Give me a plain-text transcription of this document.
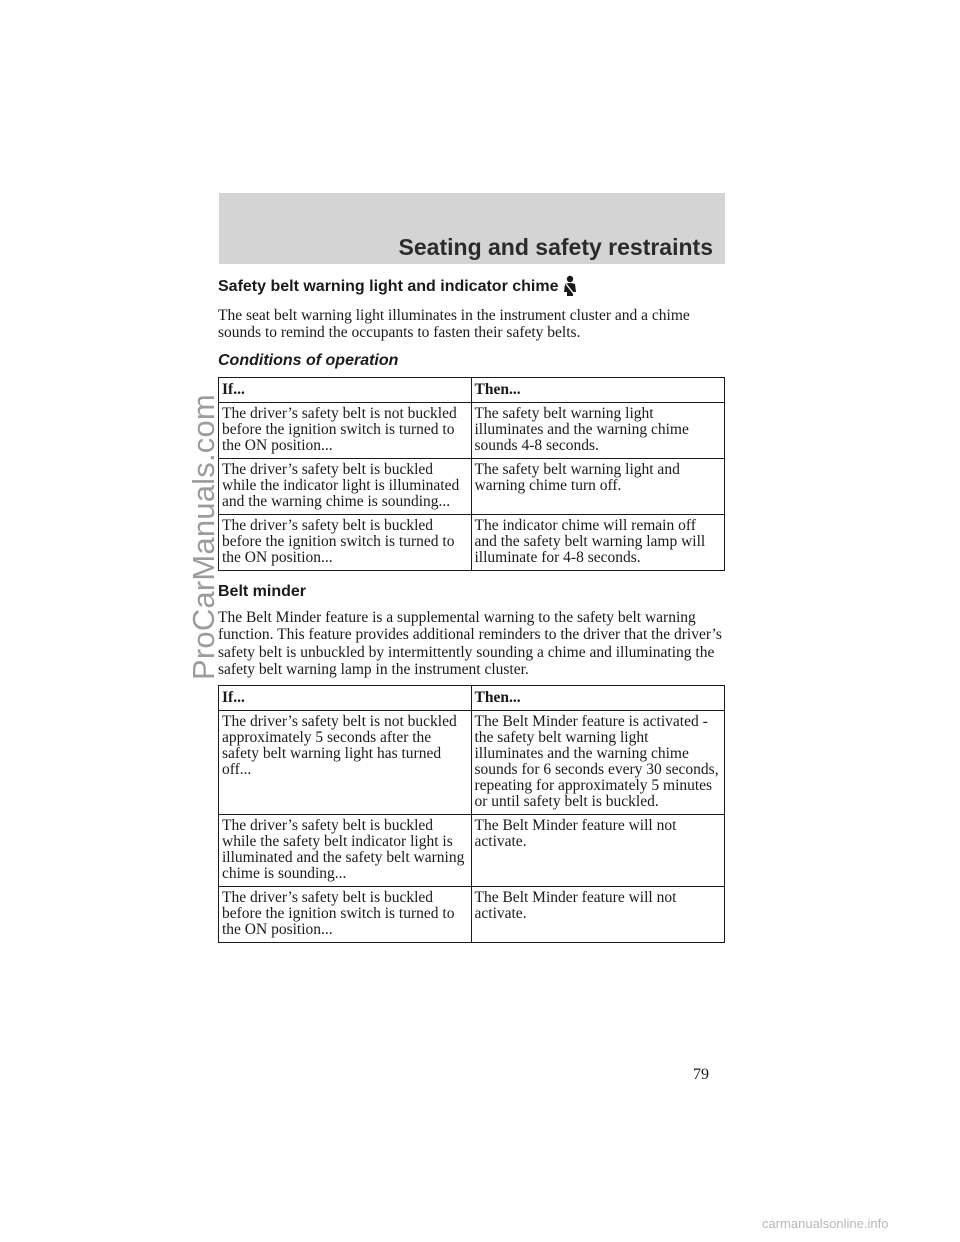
ProCarManuals.com
Seating and safety restraints
Safety belt warning light and indicator chime

The seat belt warning light illuminates in the instrument cluster and a chime sounds to remind the occupants to fasten their safety belts.

Conditions of operation
If...	Then...
The driver’s safety belt is not buckled before the ignition switch is turned to the ON position...	The safety belt warning light illuminates and the warning chime sounds 4-8 seconds.
The driver’s safety belt is buckled while the indicator light is illuminated and the warning chime is sounding...	The safety belt warning light and warning chime turn off.
The driver’s safety belt is buckled before the ignition switch is turned to the ON position...	The indicator chime will remain off and the safety belt warning lamp will illuminate for 4-8 seconds.
Belt minder

The Belt Minder feature is a supplemental warning to the safety belt warning function. This feature provides additional reminders to the driver that the driver’s safety belt is unbuckled by intermittently sounding a chime and illuminating the safety belt warning lamp in the instrument cluster.

If...	Then...
The driver’s safety belt is not buckled approximately 5 seconds after the safety belt warning light has turned off...	The Belt Minder feature is activated - the safety belt warning light illuminates and the warning chime sounds for 6 seconds every 30 seconds, repeating for approximately 5 minutes or until safety belt is buckled.
The driver’s safety belt is buckled while the safety belt indicator light is illuminated and the safety belt warning chime is sounding...	The Belt Minder feature will not activate.
The driver’s safety belt is buckled before the ignition switch is turned to the ON position...	The Belt Minder feature will not activate.
79
carmanualsonline.info
